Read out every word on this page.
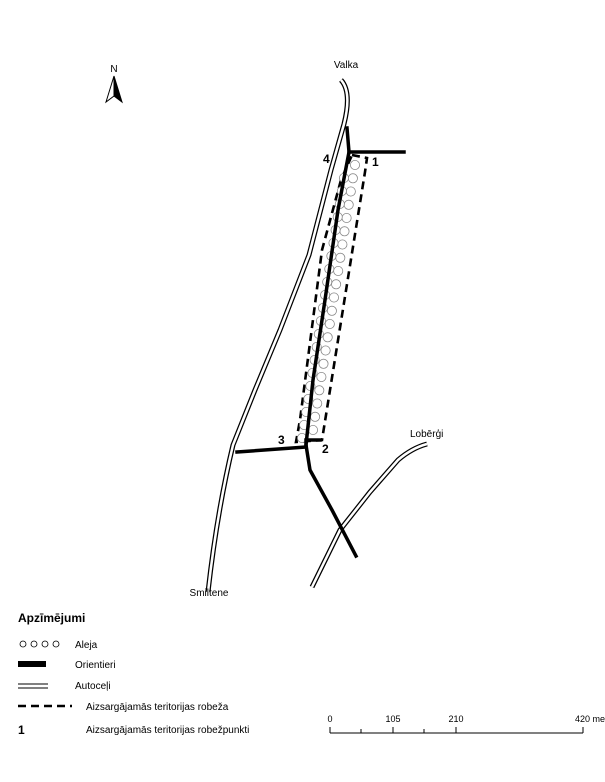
N	Valka
Smiltene
Lobērģi
1
2
3
4
Apzīmējumi
Aleja
Orientieri
Autoceļi
Aizsargājamās teritorijas robeža
1	Aizsargājamās teritorijas robežpunkti
0	105	210	420 me
